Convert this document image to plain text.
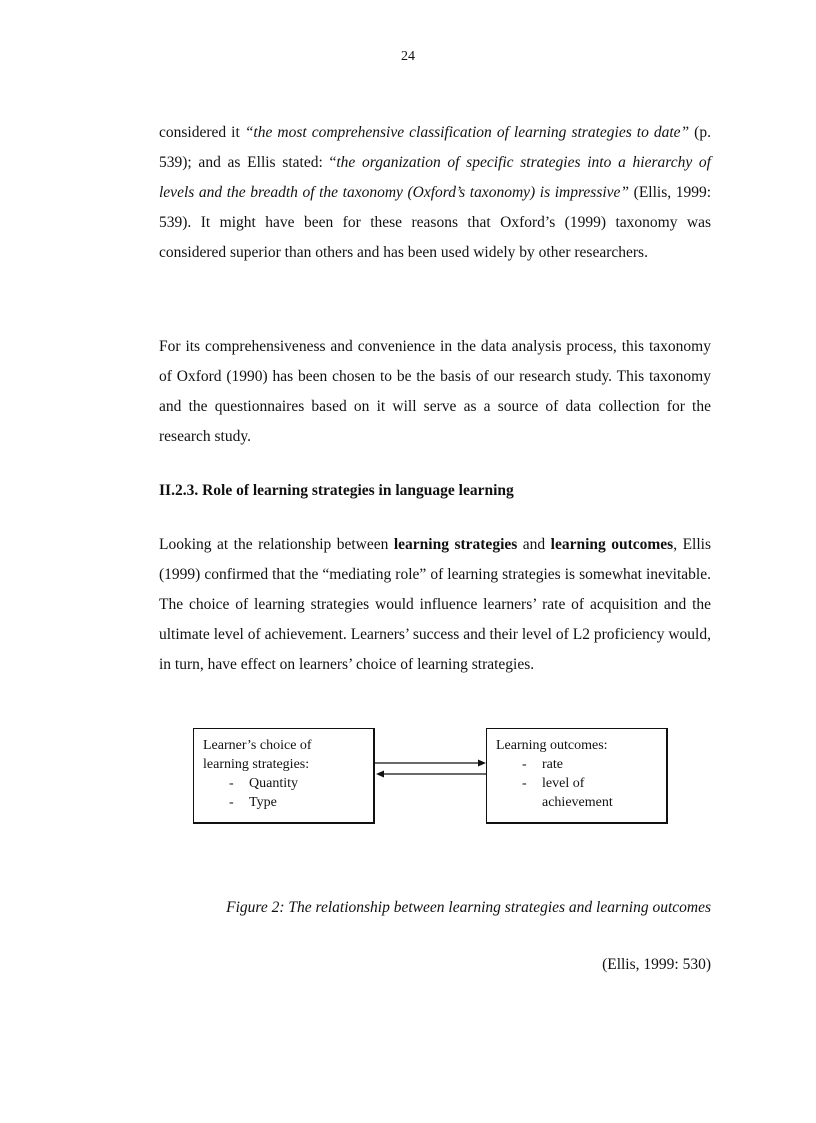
24

considered it “the most comprehensive classification of learning strategies to date” (p. 539); and as Ellis stated: “the organization of specific strategies into a hierarchy of levels and the breadth of the taxonomy (Oxford’s taxonomy) is impressive” (Ellis, 1999: 539). It might have been for these reasons that Oxford’s (1999) taxonomy was considered superior than others and has been used widely by other researchers.

For its comprehensiveness and convenience in the data analysis process, this taxonomy of Oxford (1990) has been chosen to be the basis of our research study. This taxonomy and the questionnaires based on it will serve as a source of data collection for the research study.

II.2.3. Role of learning strategies in language learning

Looking at the relationship between learning strategies and learning outcomes, Ellis (1999) confirmed that the “mediating role” of learning strategies is somewhat inevitable. The choice of learning strategies would influence learners’ rate of acquisition and the ultimate level of achievement. Learners’ success and their level of L2 proficiency would, in turn, have effect on learners’ choice of learning strategies.

Learner’s choice of
learning strategies:
-	Quantity
-	Type
Learning outcomes:
-	rate
-	level of
achievement

Figure 2: The relationship between learning strategies and learning outcomes

(Ellis, 1999: 530)
